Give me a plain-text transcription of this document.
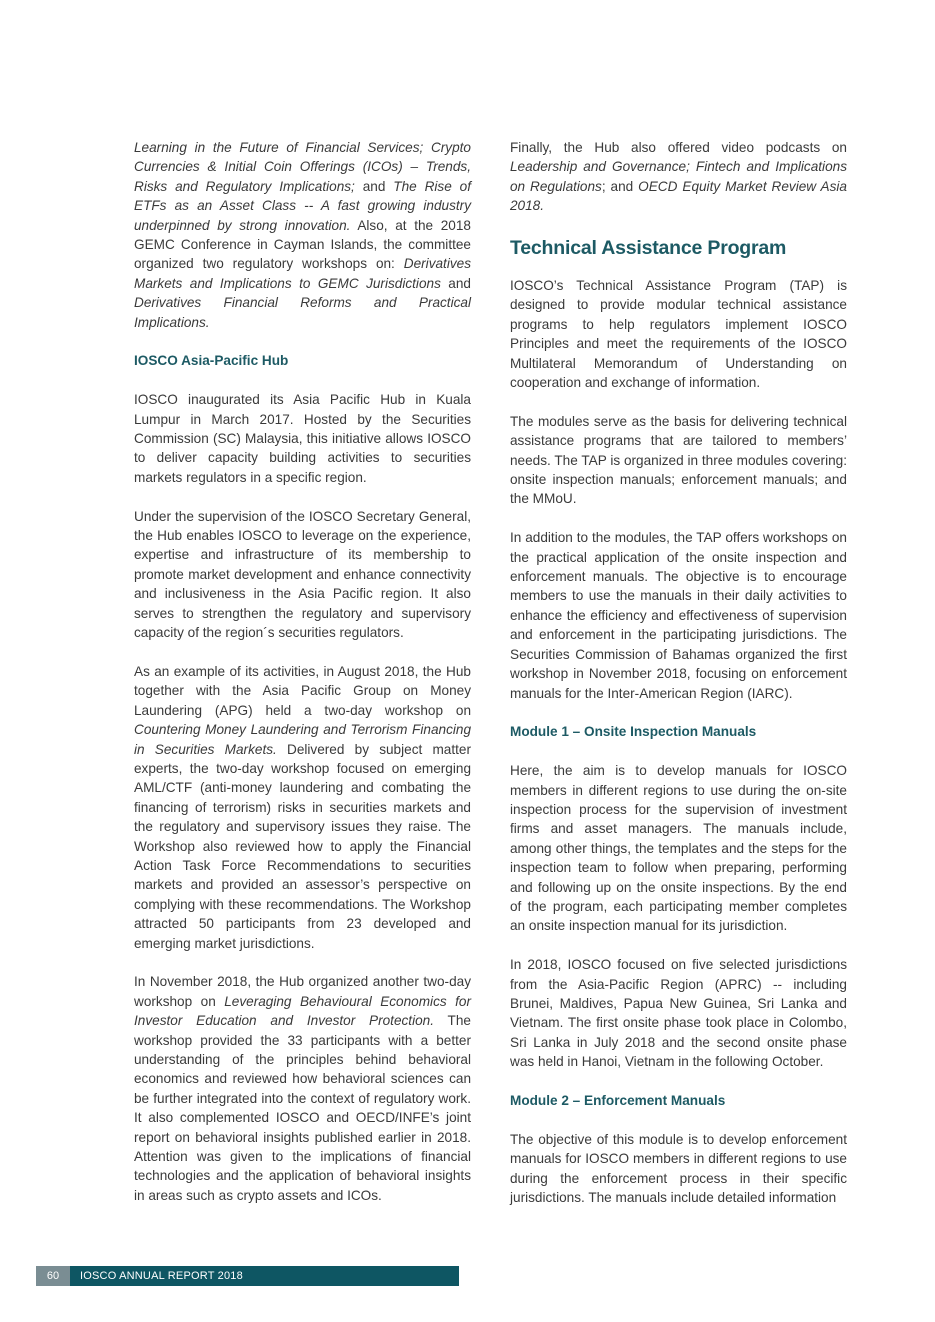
Learning in the Future of Financial Services; Crypto Currencies & Initial Coin Offerings (ICOs) – Trends, Risks and Regulatory Implications; and The Rise of ETFs as an Asset Class -- A fast growing industry underpinned by strong innovation. Also, at the 2018 GEMC Conference in Cayman Islands, the committee organized two regulatory workshops on: Derivatives Markets and Implications to GEMC Jurisdictions and Derivatives Financial Reforms and Practical Implications.

IOSCO Asia-Pacific Hub

IOSCO inaugurated its Asia Pacific Hub in Kuala Lumpur in March 2017. Hosted by the Securities Commission (SC) Malaysia, this initiative allows IOSCO to deliver capacity building activities to securities markets regulators in a specific region.

Under the supervision of the IOSCO Secretary General, the Hub enables IOSCO to leverage on the experience, expertise and infrastructure of its membership to promote market development and enhance connectivity and inclusiveness in the Asia Pacific region. It also serves to strengthen the regulatory and supervisory capacity of the region´s securities regulators.

As an example of its activities, in August 2018, the Hub together with the Asia Pacific Group on Money Laundering (APG) held a two-day workshop on Countering Money Laundering and Terrorism Financing in Securities Markets. Delivered by subject matter experts, the two-day workshop focused on emerging AML/CTF (anti-money laundering and combating the financing of terrorism) risks in securities markets and the regulatory and supervisory issues they raise. The Workshop also reviewed how to apply the Financial Action Task Force Recommendations to securities markets and provided an assessor’s perspective on complying with these recommendations. The Workshop attracted 50 participants from 23 developed and emerging market jurisdictions.

In November 2018, the Hub organized another two-day workshop on Leveraging Behavioural Economics for Investor Education and Investor Protection. The workshop provided the 33 participants with a better understanding of the principles behind behavioral economics and reviewed how behavioral sciences can be further integrated into the context of regulatory work. It also complemented IOSCO and OECD/INFE’s joint report on behavioral insights published earlier in 2018. Attention was given to the implications of financial technologies and the application of behavioral insights in areas such as crypto assets and ICOs.

Finally, the Hub also offered video podcasts on Leadership and Governance; Fintech and Implications on Regulations; and OECD Equity Market Review Asia 2018.

Technical Assistance Program

IOSCO’s Technical Assistance Program (TAP) is designed to provide modular technical assistance programs to help regulators implement IOSCO Principles and meet the requirements of the IOSCO Multilateral Memorandum of Understanding on cooperation and exchange of information.

The modules serve as the basis for delivering technical assistance programs that are tailored to members’ needs. The TAP is organized in three modules covering: onsite inspection manuals; enforcement manuals; and the MMoU.

In addition to the modules, the TAP offers workshops on the practical application of the onsite inspection and enforcement manuals. The objective is to encourage members to use the manuals in their daily activities to enhance the efficiency and effectiveness of supervision and enforcement in the participating jurisdictions. The Securities Commission of Bahamas organized the first workshop in November 2018, focusing on enforcement manuals for the Inter-American Region (IARC).

Module 1 – Onsite Inspection Manuals

Here, the aim is to develop manuals for IOSCO members in different regions to use during the on-site inspection process for the supervision of investment firms and asset managers. The manuals include, among other things, the templates and the steps for the inspection team to follow when preparing, performing and following up on the onsite inspections. By the end of the program, each participating member completes an onsite inspection manual for its jurisdiction.

In 2018, IOSCO focused on five selected jurisdictions from the Asia-Pacific Region (APRC) -- including Brunei, Maldives, Papua New Guinea, Sri Lanka and Vietnam. The first onsite phase took place in Colombo, Sri Lanka in July 2018 and the second onsite phase was held in Hanoi, Vietnam in the following October.

Module 2 – Enforcement Manuals

The objective of this module is to develop enforcement manuals for IOSCO members in different regions to use during the enforcement process in their specific jurisdictions. The manuals include detailed information

60	IOSCO ANNUAL REPORT 2018
